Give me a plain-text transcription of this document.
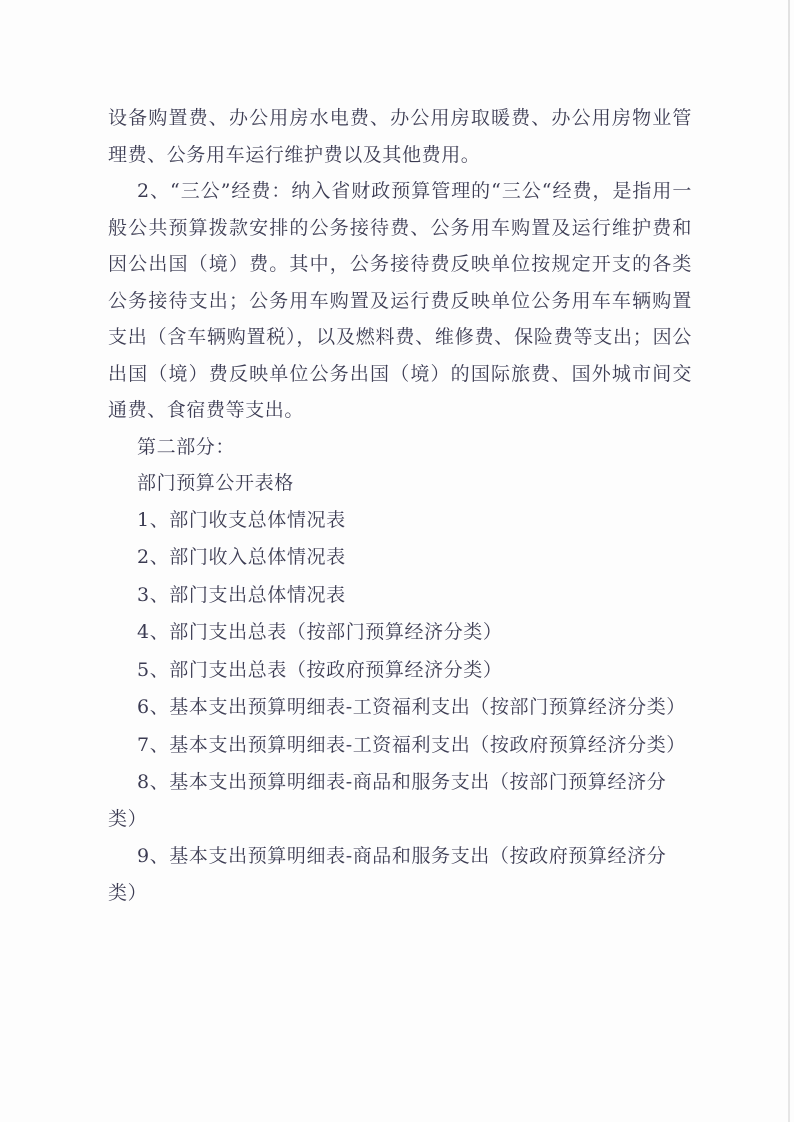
设备购置费、办公用房水电费、办公用房取暖费、办公用房物业管理费、公务用车运行维护费以及其他费用。

2、“三公”经费：纳入省财政预算管理的“三公“经费，是指用一般公共预算拨款安排的公务接待费、公务用车购置及运行维护费和因公出国（境）费。其中，公务接待费反映单位按规定开支的各类公务接待支出；公务用车购置及运行费反映单位公务用车车辆购置支出（含车辆购置税），以及燃料费、维修费、保险费等支出；因公出国（境）费反映单位公务出国（境）的国际旅费、国外城市间交通费、食宿费等支出。

第二部分：

部门预算公开表格

1、部门收支总体情况表
2、部门收入总体情况表
3、部门支出总体情况表
4、部门支出总表（按部门预算经济分类）
5、部门支出总表（按政府预算经济分类）
6、基本支出预算明细表-工资福利支出（按部门预算经济分类）
7、基本支出预算明细表-工资福利支出（按政府预算经济分类）
8、基本支出预算明细表-商品和服务支出（按部门预算经济分类）
9、基本支出预算明细表-商品和服务支出（按政府预算经济分类）
